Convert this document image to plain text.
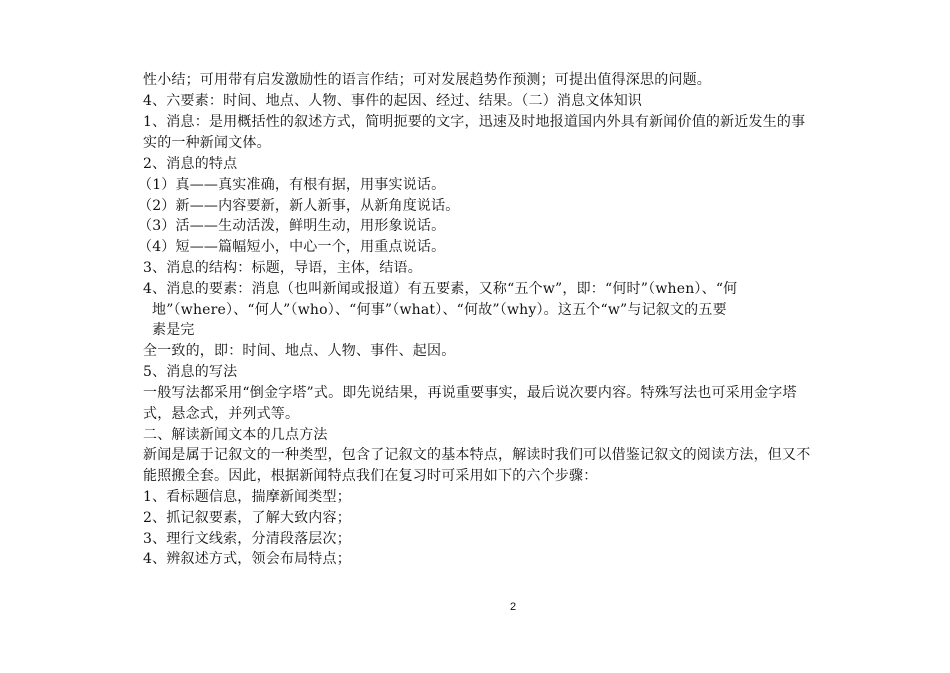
性小结；可用带有启发激励性的语言作结；可对发展趋势作预测；可提出值得深思的问题。
4、六要素：时间、地点、人物、事件的起因、经过、结果。（二）消息文体知识
1、消息：是用概括性的叙述方式，简明扼要的文字，迅速及时地报道国内外具有新闻价值的新近发生的事
实的一种新闻文体。
2、消息的特点
（1）真——真实准确，有根有据，用事实说话。
（2）新——内容要新，新人新事，从新角度说话。
（3）活——生动活泼，鲜明生动，用形象说话。
（4）短——篇幅短小，中心一个，用重点说话。
3、消息的结构：标题，导语，主体，结语。
4、消息的要素：消息（也叫新闻或报道）有五要素，又称“五个w”，即：“何时”（when）、“何
地”（where）、“何人”（who）、“何事”（what）、“何故”（why）。这五个“w”与记叙文的五要
素是完
全一致的，即：时间、地点、人物、事件、起因。
5、消息的写法
一般写法都采用“倒金字塔”式。即先说结果，再说重要事实，最后说次要内容。特殊写法也可采用金字塔
式，悬念式，并列式等。
二、解读新闻文本的几点方法
新闻是属于记叙文的一种类型，包含了记叙文的基本特点，解读时我们可以借鉴记叙文的阅读方法，但又不
能照搬全套。因此，根据新闻特点我们在复习时可采用如下的六个步骤：
1、看标题信息，揣摩新闻类型；
2、抓记叙要素，了解大致内容；
3、理行文线索，分清段落层次；
4、辨叙述方式，领会布局特点；
2
